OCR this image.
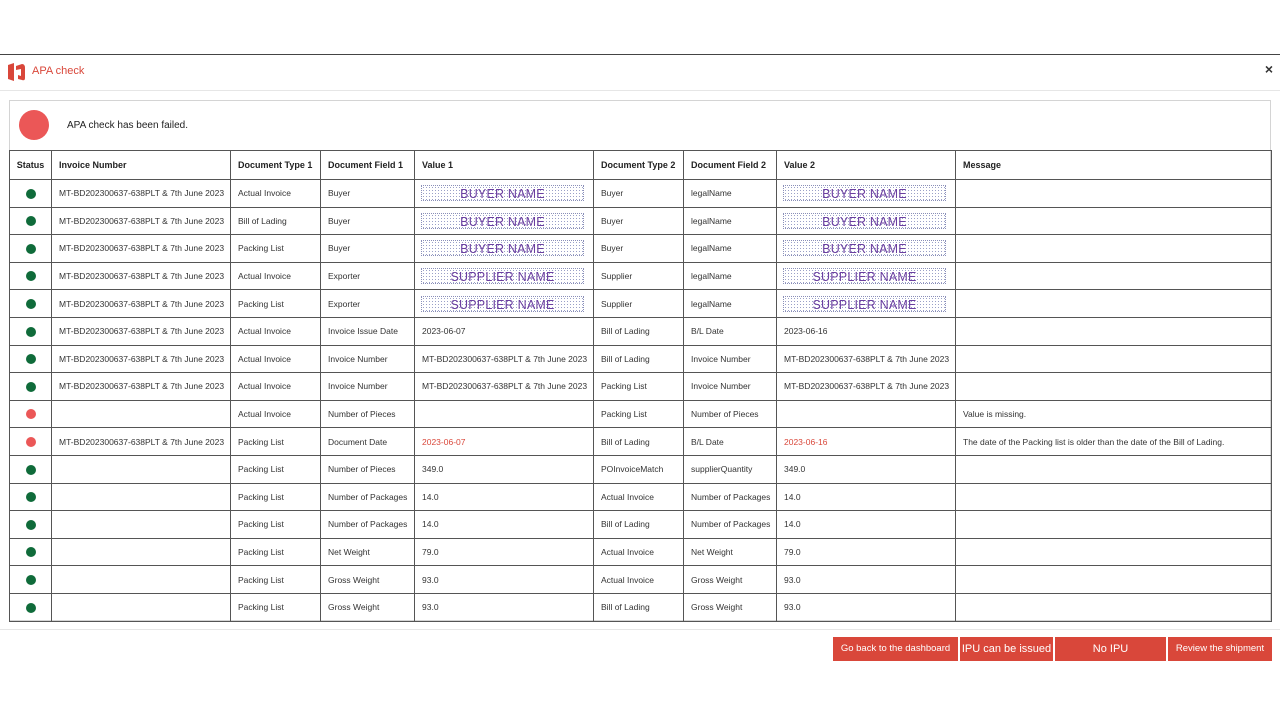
APA check	×
APA check has been failed.
Status	Invoice Number	Document Type 1	Document Field 1	Value 1	Document Type 2	Document Field 2	Value 2	Message
	MT-BD202300637-638PLT & 7th June 2023	Actual Invoice	Buyer	BUYER NAME	Buyer	legalName	BUYER NAME	

	MT-BD202300637-638PLT & 7th June 2023	Bill of Lading	Buyer	BUYER NAME	Buyer	legalName	BUYER NAME	

	MT-BD202300637-638PLT & 7th June 2023	Packing List	Buyer	BUYER NAME	Buyer	legalName	BUYER NAME	

	MT-BD202300637-638PLT & 7th June 2023	Actual Invoice	Exporter	SUPPLIER NAME	Supplier	legalName	SUPPLIER NAME	

	MT-BD202300637-638PLT & 7th June 2023	Packing List	Exporter	SUPPLIER NAME	Supplier	legalName	SUPPLIER NAME	

	MT-BD202300637-638PLT & 7th June 2023	Actual Invoice	Invoice Issue Date	2023-06-07	Bill of Lading	B/L Date	2023-06-16	
	MT-BD202300637-638PLT & 7th June 2023	Actual Invoice	Invoice Number	MT-BD202300637-638PLT & 7th June 2023	Bill of Lading	Invoice Number	MT-BD202300637-638PLT & 7th June 2023	
	MT-BD202300637-638PLT & 7th June 2023	Actual Invoice	Invoice Number	MT-BD202300637-638PLT & 7th June 2023	Packing List	Invoice Number	MT-BD202300637-638PLT & 7th June 2023	
		Actual Invoice	Number of Pieces		Packing List	Number of Pieces		Value is missing.
	MT-BD202300637-638PLT & 7th June 2023	Packing List	Document Date	2023-06-07	Bill of Lading	B/L Date	2023-06-16	The date of the Packing list is older than the date of the Bill of Lading.
		Packing List	Number of Pieces	349.0	POInvoiceMatch	supplierQuantity	349.0	
		Packing List	Number of Packages	14.0	Actual Invoice	Number of Packages	14.0	
		Packing List	Number of Packages	14.0	Bill of Lading	Number of Packages	14.0	
		Packing List	Net Weight	79.0	Actual Invoice	Net Weight	79.0	
		Packing List	Gross Weight	93.0	Actual Invoice	Gross Weight	93.0	
		Packing List	Gross Weight	93.0	Bill of Lading	Gross Weight	93.0	
Go back to the dashboard	IPU can be issued	No IPU	Review the shipment
